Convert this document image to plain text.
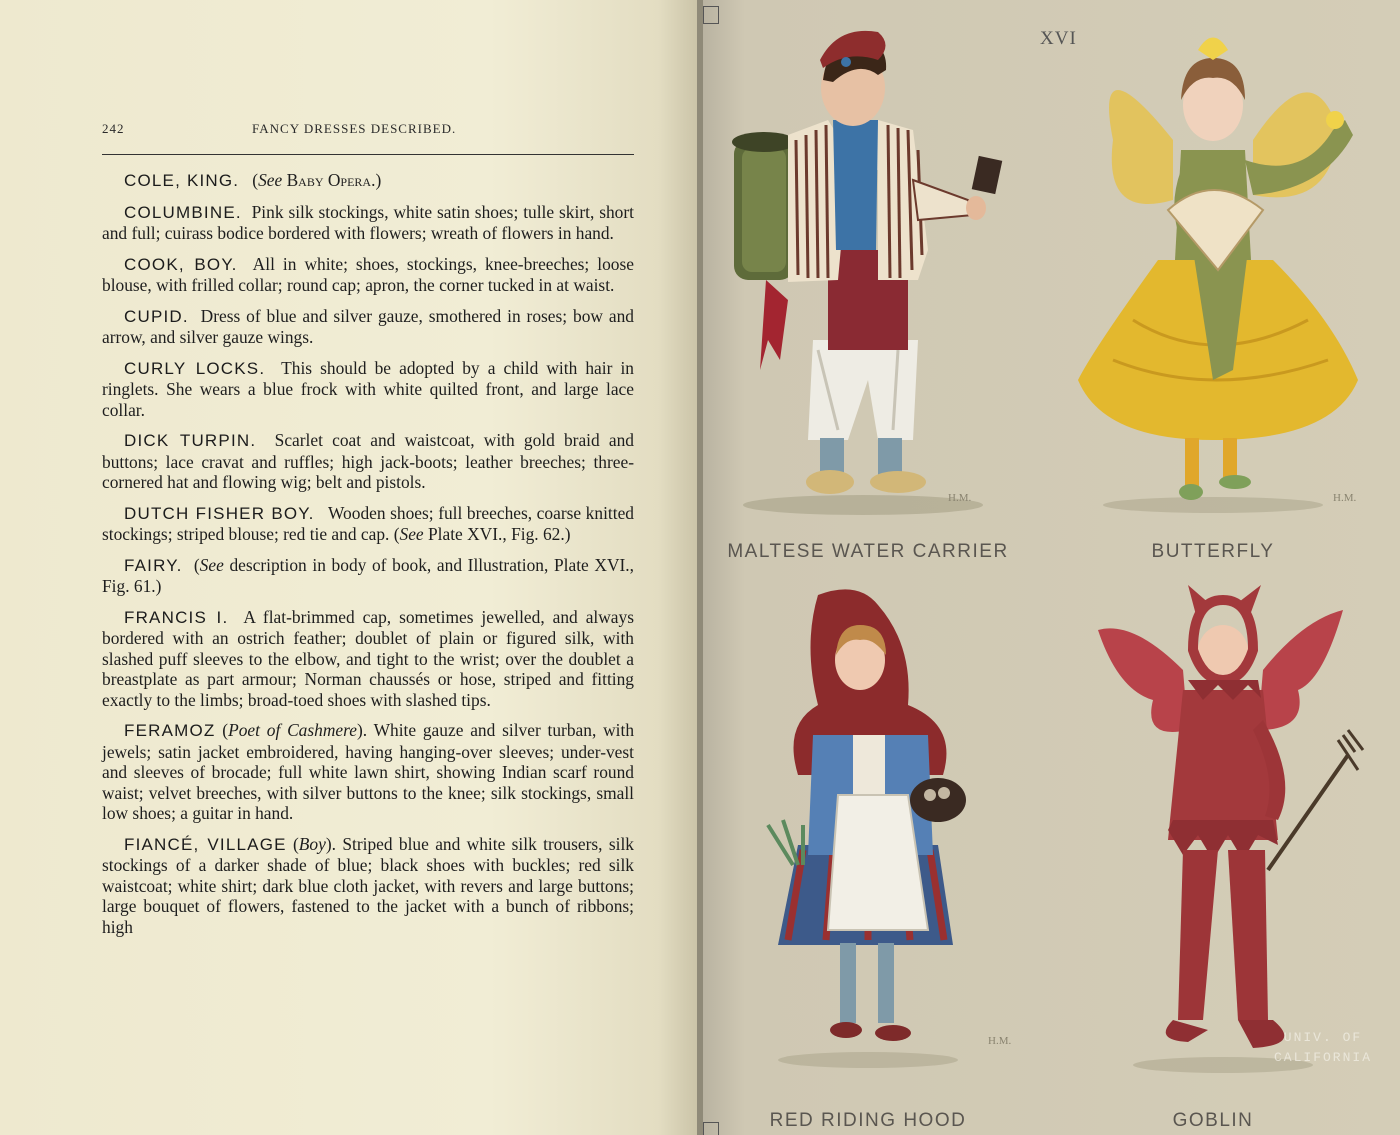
242	FANCY DRESSES DESCRIBED.

COLE, KING. (See Baby Opera.)

COLUMBINE. Pink silk stockings, white satin shoes; tulle skirt, short and full; cuirass bodice bordered with flowers; wreath of flowers in hand.

COOK, BOY. All in white; shoes, stockings, knee-breeches; loose blouse, with frilled collar; round cap; apron, the corner tucked in at waist.

CUPID. Dress of blue and silver gauze, smothered in roses; bow and arrow, and silver gauze wings.

CURLY LOCKS. This should be adopted by a child with hair in ringlets. She wears a blue frock with white quilted front, and large lace collar.

DICK TURPIN. Scarlet coat and waistcoat, with gold braid and buttons; lace cravat and ruffles; high jack-boots; leather breeches; three-cornered hat and flowing wig; belt and pistols.

DUTCH FISHER BOY. Wooden shoes; full breeches, coarse knitted stockings; striped blouse; red tie and cap. (See Plate XVI., Fig. 62.)

FAIRY. (See description in body of book, and Illustration, Plate XVI., Fig. 61.)

FRANCIS I. A flat-brimmed cap, sometimes jewelled, and always bordered with an ostrich feather; doublet of plain or figured silk, with slashed puff sleeves to the elbow, and tight to the wrist; over the doublet a breastplate as part armour; Norman chaussés or hose, striped and fitting exactly to the limbs; broad-toed shoes with slashed tips.

FERAMOZ (Poet of Cashmere). White gauze and silver turban, with jewels; satin jacket embroidered, having hanging-over sleeves; under-vest and sleeves of brocade; full white lawn shirt, showing Indian scarf round waist; velvet breeches, with silver buttons to the knee; silk stockings, small low shoes; a guitar in hand.

FIANCÉ, VILLAGE (Boy). Striped blue and white silk trousers, silk stockings of a darker shade of blue; black shoes with buckles; red silk waistcoat; white shirt; dark blue cloth jacket, with revers and large buttons; large bouquet of flowers, fastened to the jacket with a bunch of ribbons; high

XVI
H.M.	H.M.
MALTESE WATER CARRIER	BUTTERFLY
H.M.
RED RIDING HOOD	GOBLIN
UNIV. OF CALIFORNIA
